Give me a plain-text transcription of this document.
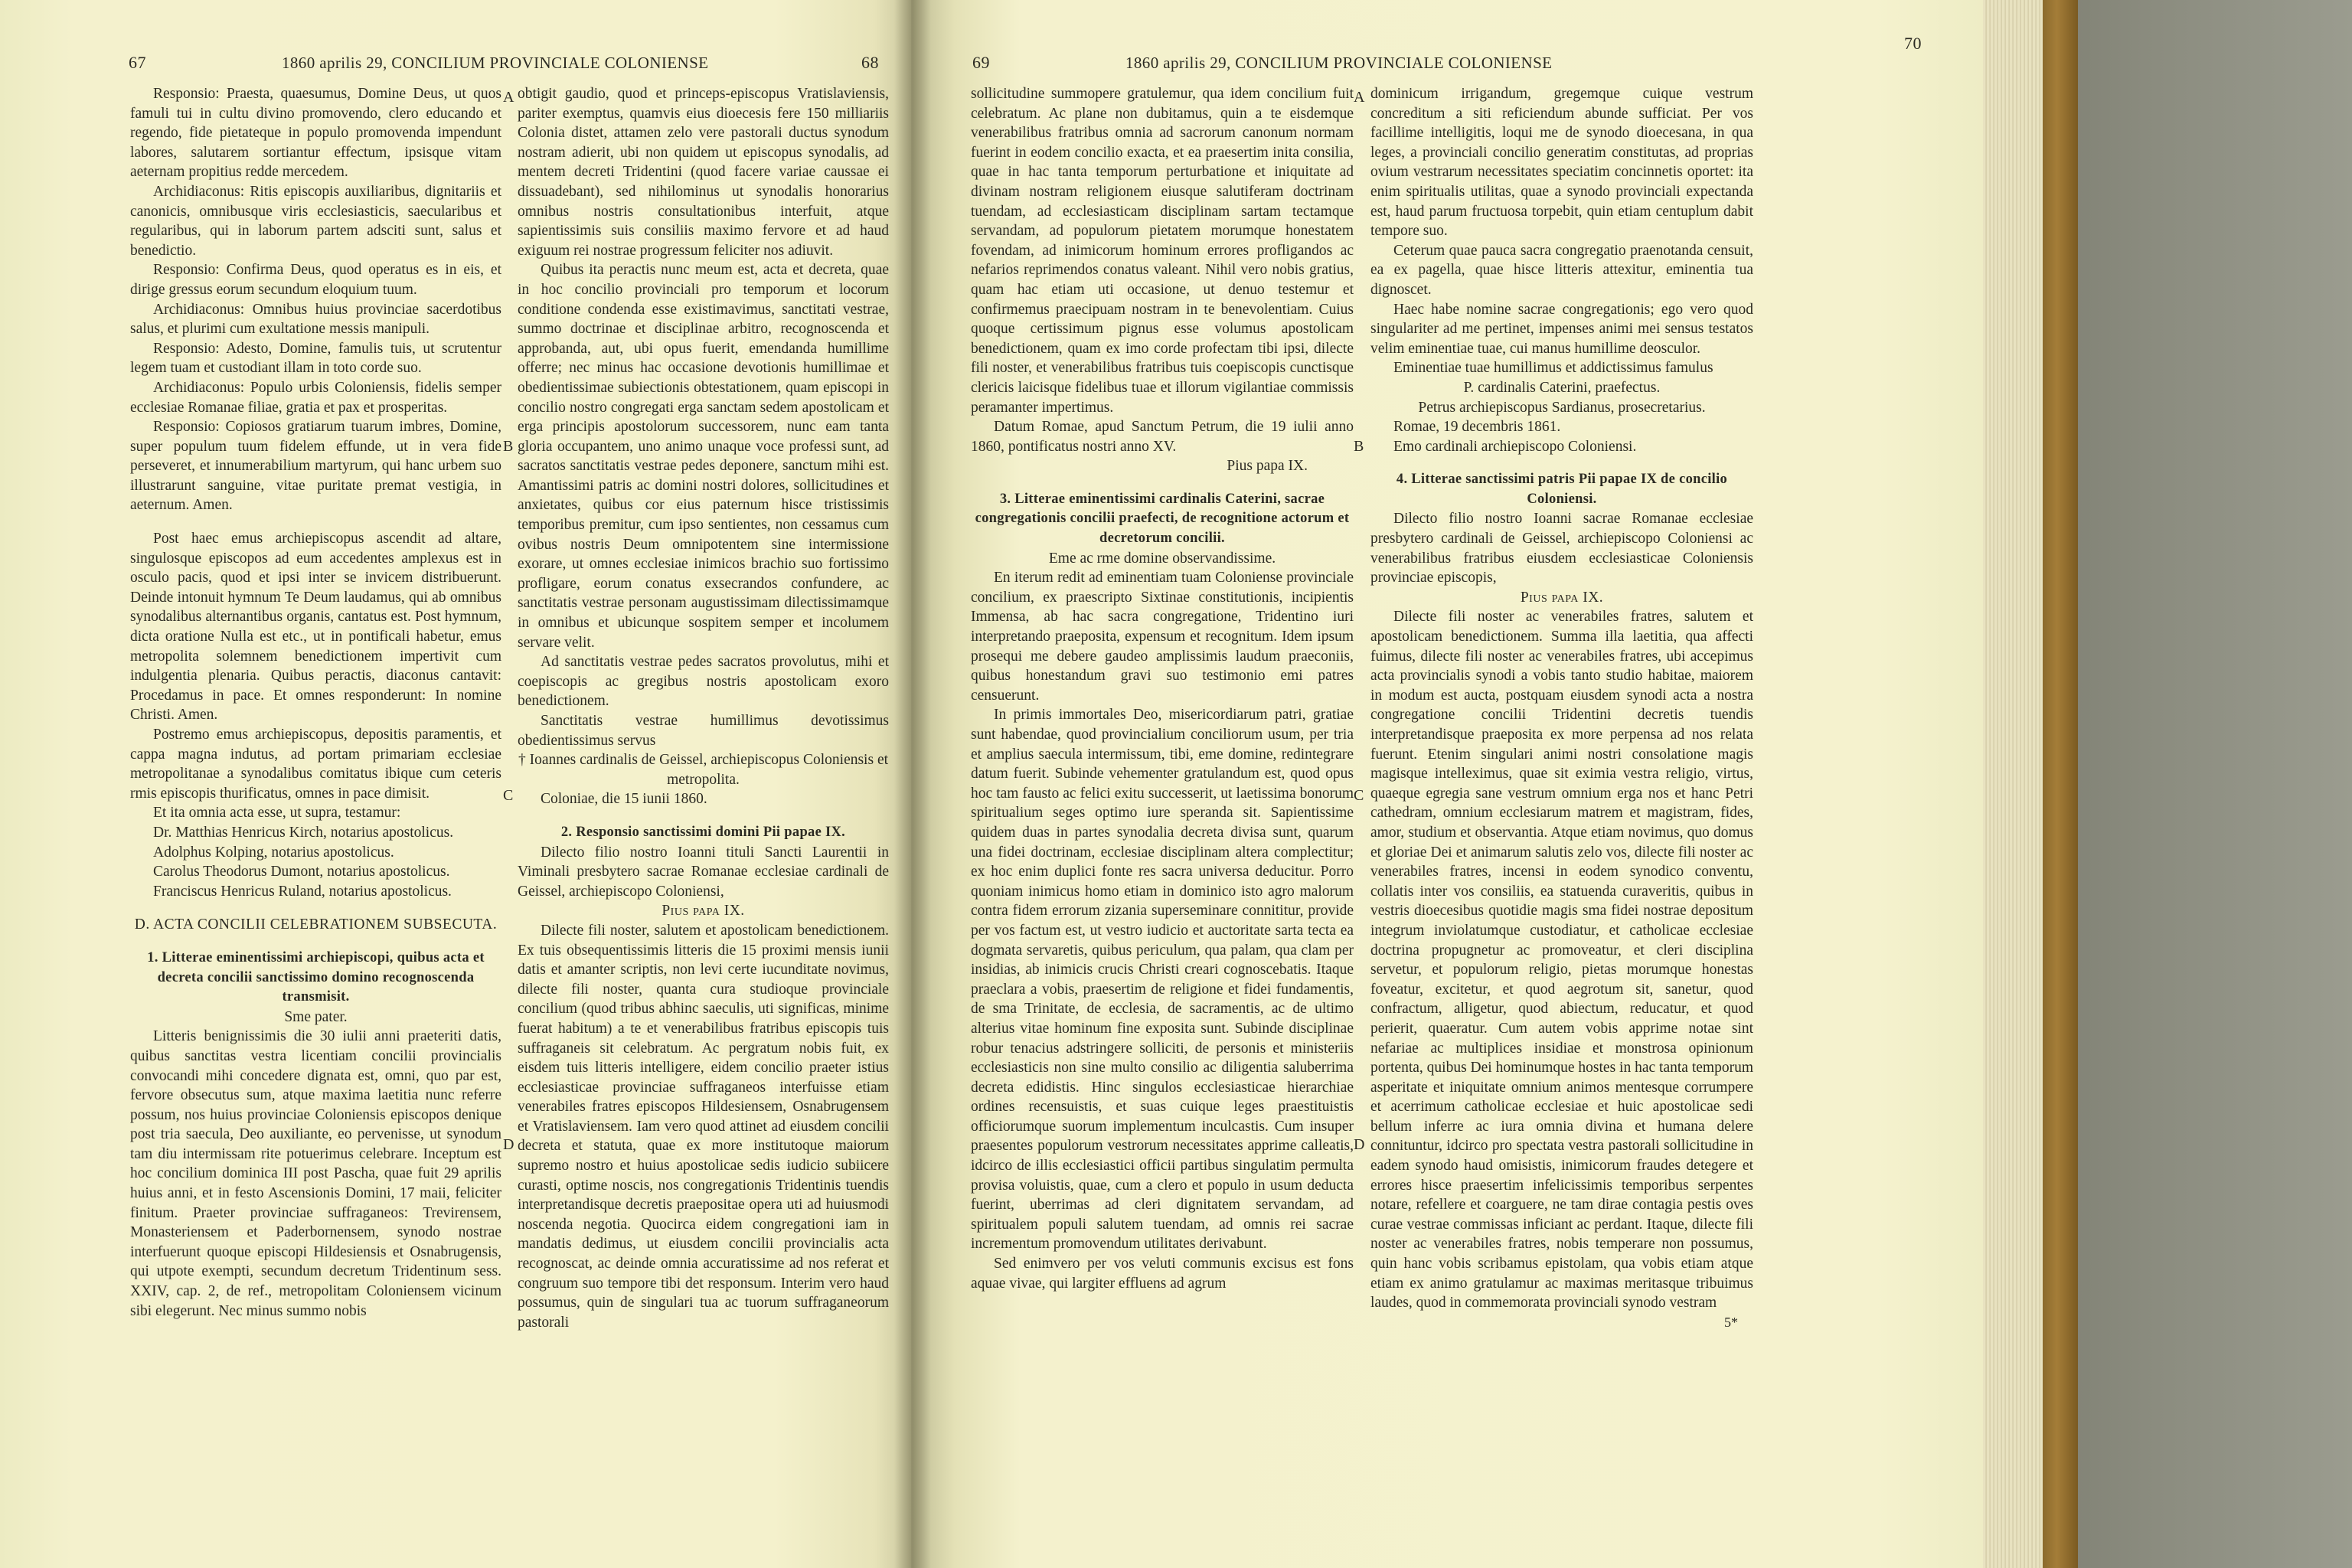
67	1860 aprilis 29, CONCILIUM PROVINCIALE COLONIENSE	68

Responsio: Praesta, quaesumus, Domine Deus, ut quos famuli tui in cultu divino promovendo, clero educando et regendo, fide pietateque in populo promovenda impendunt labores, salutarem sortiantur effectum, ipsisque vitam aeternam propitius redde mercedem.

Archidiaconus: Ritis episcopis auxiliaribus, dignitariis et canonicis, omnibusque viris ecclesiasticis, saecularibus et regularibus, qui in laborum partem adsciti sunt, salus et benedictio.

Responsio: Confirma Deus, quod operatus es in eis, et dirige gressus eorum secundum eloquium tuum.

Archidiaconus: Omnibus huius provinciae sacerdotibus salus, et plurimi cum exultatione messis manipuli.

Responsio: Adesto, Domine, famulis tuis, ut scrutentur legem tuam et custodiant illam in toto corde suo.

Archidiaconus: Populo urbis Coloniensis, fidelis semper ecclesiae Romanae filiae, gratia et pax et prosperitas.

Responsio: Copiosos gratiarum tuarum imbres, Domine, super populum tuum fidelem effunde, ut in vera fide perseveret, et innumerabilium martyrum, qui hanc urbem suo illustrarunt sanguine, vitae puritate premat vestigia, in aeternum. Amen.

Post haec emus archiepiscopus ascendit ad altare, singulosque episcopos ad eum accedentes amplexus est in osculo pacis, quod et ipsi inter se invicem distribuerunt. Deinde intonuit hymnum Te Deum laudamus, qui ab omnibus synodalibus alternantibus organis, cantatus est. Post hymnum, dicta oratione Nulla est etc., ut in pontificali habetur, emus metropolita solemnem benedictionem impertivit cum indulgentia plenaria. Quibus peractis, diaconus cantavit: Procedamus in pace. Et omnes responderunt: In nomine Christi. Amen.

Postremo emus archiepiscopus, depositis paramentis, et cappa magna indutus, ad portam primariam ecclesiae metropolitanae a synodalibus comitatus ibique cum ceteris rmis episcopis thurificatus, omnes in pace dimisit.

Et ita omnia acta esse, ut supra, testamur:

Dr. Matthias Henricus Kirch, notarius apostolicus.

Adolphus Kolping, notarius apostolicus.

Carolus Theodorus Dumont, notarius apostolicus.

Franciscus Henricus Ruland, notarius apostolicus.

D. ACTA CONCILII CELEBRATIONEM SUBSECUTA.

1. Litterae eminentissimi archiepiscopi, quibus acta et decreta concilii sanctissimo domino recognoscenda transmisit.

Sme pater.

Litteris benignissimis die 30 iulii anni praeteriti datis, quibus sanctitas vestra licentiam concilii provincialis convocandi mihi concedere dignata est, omni, quo par est, fervore obsecutus sum, atque maxima laetitia nunc referre possum, nos huius provinciae Coloniensis episcopos denique post tria saecula, Deo auxiliante, eo pervenisse, ut synodum tam diu intermissam rite potuerimus celebrare. Inceptum est hoc concilium dominica III post Pascha, quae fuit 29 aprilis huius anni, et in festo Ascensionis Domini, 17 maii, feliciter finitum. Praeter provinciae suffraganeos: Trevirensem, Monasteriensem et Paderbornensem, synodo nostrae interfuerunt quoque episcopi Hildesiensis et Osnabrugensis, qui utpote exempti, secundum decretum Tridentinum sess. XXIV, cap. 2, de ref., metropolitam Coloniensem vicinum sibi elegerunt. Nec minus summo nobis

A
B
C
D

obtigit gaudio, quod et princeps-episcopus Vratislaviensis, pariter exemptus, quamvis eius dioecesis fere 150 milliariis Colonia distet, attamen zelo vere pastorali ductus synodum nostram adierit, ubi non quidem ut episcopus synodalis, ad mentem decreti Tridentini (quod facere variae caussae ei dissuadebant), sed nihilominus ut synodalis honorarius omnibus nostris consultationibus interfuit, atque sapientissimis suis consiliis maximo fervore et ad haud exiguum rei nostrae progressum feliciter nos adiuvit.

Quibus ita peractis nunc meum est, acta et decreta, quae in hoc concilio provinciali pro temporum et locorum conditione condenda esse existimavimus, sanctitati vestrae, summo doctrinae et disciplinae arbitro, recognoscenda et approbanda, aut, ubi opus fuerit, emendanda humillime offerre; nec minus hac occasione devotionis humillimae et obedientissimae subiectionis obtestationem, quam episcopi in concilio nostro congregati erga sanctam sedem apostolicam et erga principis apostolorum successorem, nunc eam tanta gloria occupantem, uno animo unaque voce professi sunt, ad sacratos sanctitatis vestrae pedes deponere, sanctum mihi est. Amantissimi patris ac domini nostri dolores, sollicitudines et anxietates, quibus cor eius paternum hisce tristissimis temporibus premitur, cum ipso sentientes, non cessamus cum ovibus nostris Deum omnipotentem sine intermissione exorare, ut omnes ecclesiae inimicos brachio suo fortissimo profligare, eorum conatus exsecrandos confundere, ac sanctitatis vestrae personam augustissimam dilectissimamque in omnibus et ubicunque sospitem semper et incolumem servare velit.

Ad sanctitatis vestrae pedes sacratos provolutus, mihi et coepiscopis ac gregibus nostris apostolicam exoro benedictionem.

Sanctitatis vestrae humillimus devotissimus obedientissimus servus

† Ioannes cardinalis de Geissel, archiepiscopus Coloniensis et metropolita.

Coloniae, die 15 iunii 1860.

2. Responsio sanctissimi domini Pii papae IX.

Dilecto filio nostro Ioanni tituli Sancti Laurentii in Viminali presbytero sacrae Romanae ecclesiae cardinali de Geissel, archiepiscopo Coloniensi,

Pius papa IX.

Dilecte fili noster, salutem et apostolicam benedictionem. Ex tuis obsequentissimis litteris die 15 proximi mensis iunii datis et amanter scriptis, non levi certe iucunditate novimus, dilecte fili noster, quanta cura studioque provinciale concilium (quod tribus abhinc saeculis, uti significas, minime fuerat habitum) a te et venerabilibus fratribus episcopis tuis suffraganeis sit celebratum. Ac pergratum nobis fuit, ex eisdem tuis litteris intelligere, eidem concilio praeter istius ecclesiasticae provinciae suffraganeos interfuisse etiam venerabiles fratres episcopos Hildesiensem, Osnabrugensem et Vratislaviensem. Iam vero quod attinet ad eiusdem concilii decreta et statuta, quae ex more institutoque maiorum supremo nostro et huius apostolicae sedis iudicio subiicere curasti, optime noscis, nos congregationis Tridentinis tuendis interpretandisque decretis praepositae opera uti ad huiusmodi noscenda negotia. Quocirca eidem congregationi iam in mandatis dedimus, ut eiusdem concilii provincialis acta recognoscat, ac deinde omnia accuratissime ad nos referat et congruum suo tempore tibi det responsum. Interim vero haud possumus, quin de singulari tua ac tuorum suffraganeorum pastorali

69	1860 aprilis 29, CONCILIUM PROVINCIALE COLONIENSE
70

sollicitudine summopere gratulemur, qua idem concilium fuit celebratum. Ac plane non dubitamus, quin a te eisdemque venerabilibus fratribus omnia ad sacrorum canonum normam fuerint in eodem concilio exacta, et ea praesertim inita consilia, quae in hac tanta temporum perturbatione et iniquitate ad divinam nostram religionem eiusque salutiferam doctrinam tuendam, ad ecclesiasticam disciplinam sartam tectamque servandam, ad populorum pietatem morumque honestatem fovendam, ad inimicorum hominum errores profligandos ac nefarios reprimendos conatus valeant. Nihil vero nobis gratius, quam hac etiam uti occasione, ut denuo testemur et confirmemus praecipuam nostram in te benevolentiam. Cuius quoque certissimum pignus esse volumus apostolicam benedictionem, quam ex imo corde profectam tibi ipsi, dilecte fili noster, et venerabilibus fratribus tuis coepiscopis cunctisque clericis laicisque fidelibus tuae et illorum vigilantiae commissis peramanter impertimus.

Datum Romae, apud Sanctum Petrum, die 19 iulii anno 1860, pontificatus nostri anno XV.

Pius papa IX.

3. Litterae eminentissimi cardinalis Caterini, sacrae congregationis concilii praefecti, de recognitione actorum et decretorum concilii.

Eme ac rme domine observandissime.

En iterum redit ad eminentiam tuam Coloniense provinciale concilium, ex praescripto Sixtinae constitutionis, incipientis Immensa, ab hac sacra congregatione, Tridentino iuri interpretando praeposita, expensum et recognitum. Idem ipsum prosequi me debere gaudeo amplissimis laudum praeconiis, quibus honestandum gravi suo testimonio emi patres censuerunt.

In primis immortales Deo, misericordiarum patri, gratiae sunt habendae, quod provincialium conciliorum usum, per tria et amplius saecula intermissum, tibi, eme domine, redintegrare datum fuerit. Subinde vehementer gratulandum est, quod opus hoc tam fausto ac felici exitu successerit, ut laetissima bonorum spiritualium seges optimo iure speranda sit. Sapientissime quidem duas in partes synodalia decreta divisa sunt, quarum una fidei doctrinam, ecclesiae disciplinam altera complectitur; ex hoc enim duplici fonte res sacra universa deducitur. Porro quoniam inimicus homo etiam in dominico isto agro malorum contra fidem errorum zizania superseminare connititur, provide per vos factum est, ut vestro iudicio et auctoritate sarta tecta ea dogmata servaretis, quibus periculum, qua palam, qua clam per insidias, ab inimicis crucis Christi creari cognoscebatis. Itaque praeclara a vobis, praesertim de religione et fidei fundamentis, de sma Trinitate, de ecclesia, de sacramentis, ac de ultimo alterius vitae hominum fine exposita sunt. Subinde disciplinae robur tenacius adstringere solliciti, de personis et ministeriis ecclesiasticis non sine multo consilio ac diligentia saluberrima decreta edidistis. Hinc singulos ecclesiasticae hierarchiae ordines recensuistis, et suas cuique leges praestituistis officiorumque suorum implementum inculcastis. Cum insuper praesentes populorum vestrorum necessitates apprime calleatis, idcirco de illis ecclesiastici officii partibus singulatim permulta provisa voluistis, quae, cum a clero et populo in usum deducta fuerint, uberrimas ad cleri dignitatem servandam, ad spiritualem populi salutem tuendam, ad omnis rei sacrae incrementum promovendum utilitates derivabunt.

Sed enimvero per vos veluti communis excisus est fons aquae vivae, qui largiter effluens ad agrum

A
B
C
D

dominicum irrigandum, gregemque cuique vestrum concreditum a siti reficiendum abunde sufficiat. Per vos facillime intelligitis, loqui me de synodo dioecesana, in qua leges, a provinciali concilio generatim constitutas, ad proprias ovium vestrarum necessitates speciatim concinnetis oportet: ita enim spiritualis utilitas, quae a synodo provinciali expectanda est, haud parum fructuosa torpebit, quin etiam centuplum dabit tempore suo.

Ceterum quae pauca sacra congregatio praenotanda censuit, ea ex pagella, quae hisce litteris attexitur, eminentia tua dignoscet.

Haec habe nomine sacrae congregationis; ego vero quod singulariter ad me pertinet, impenses animi mei sensus testatos velim eminentiae tuae, cui manus humillime deosculor.

Eminentiae tuae humillimus et addictissimus famulus

P. cardinalis Caterini, praefectus.

Petrus archiepiscopus Sardianus, prosecretarius.

Romae, 19 decembris 1861.

Emo cardinali archiepiscopo Coloniensi.

4. Litterae sanctissimi patris Pii papae IX de concilio Coloniensi.

Dilecto filio nostro Ioanni sacrae Romanae ecclesiae presbytero cardinali de Geissel, archiepiscopo Coloniensi ac venerabilibus fratribus eiusdem ecclesiasticae Coloniensis provinciae episcopis,

Pius papa IX.

Dilecte fili noster ac venerabiles fratres, salutem et apostolicam benedictionem. Summa illa laetitia, qua affecti fuimus, dilecte fili noster ac venerabiles fratres, ubi accepimus acta provincialis synodi a vobis tanto studio habitae, maiorem in modum est aucta, postquam eiusdem synodi acta a nostra congregatione concilii Tridentini decretis tuendis interpretandisque praeposita ex more perpensa ad nos relata fuerunt. Etenim singulari animi nostri consolatione magis magisque intelleximus, quae sit eximia vestra religio, virtus, quaeque egregia sane vestrum omnium erga nos et hanc Petri cathedram, omnium ecclesiarum matrem et magistram, fides, amor, studium et observantia. Atque etiam novimus, quo domus et gloriae Dei et animarum salutis zelo vos, dilecte fili noster ac venerabiles fratres, incensi in eodem synodico conventu, collatis inter vos consiliis, ea statuenda curaveritis, quibus in vestris dioecesibus quotidie magis sma fidei nostrae depositum integrum inviolatumque custodiatur, et catholicae ecclesiae doctrina propugnetur ac promoveatur, et cleri disciplina servetur, et populorum religio, pietas morumque honestas foveatur, excitetur, et quod aegrotum sit, sanetur, quod confractum, alligetur, quod abiectum, reducatur, et quod perierit, quaeratur. Cum autem vobis apprime notae sint nefariae ac multiplices insidiae et monstrosa opinionum portenta, quibus Dei hominumque hostes in hac tanta temporum asperitate et iniquitate omnium animos mentesque corrumpere et acerrimum catholicae ecclesiae et huic apostolicae sedi bellum inferre ac iura omnia divina et humana delere connituntur, idcirco pro spectata vestra pastorali sollicitudine in eadem synodo haud omisistis, inimicorum fraudes detegere et errores hisce praesertim infelicissimis temporibus serpentes notare, refellere et coarguere, ne tam dirae contagia pestis oves curae vestrae commissas inficiant ac perdant. Itaque, dilecte fili noster ac venerabiles fratres, nobis temperare non possumus, quin hanc vobis scribamus epistolam, qua vobis etiam atque etiam ex animo gratulamur ac maximas meritasque tribuimus laudes, quod in commemorata provinciali synodo vestram

5*
